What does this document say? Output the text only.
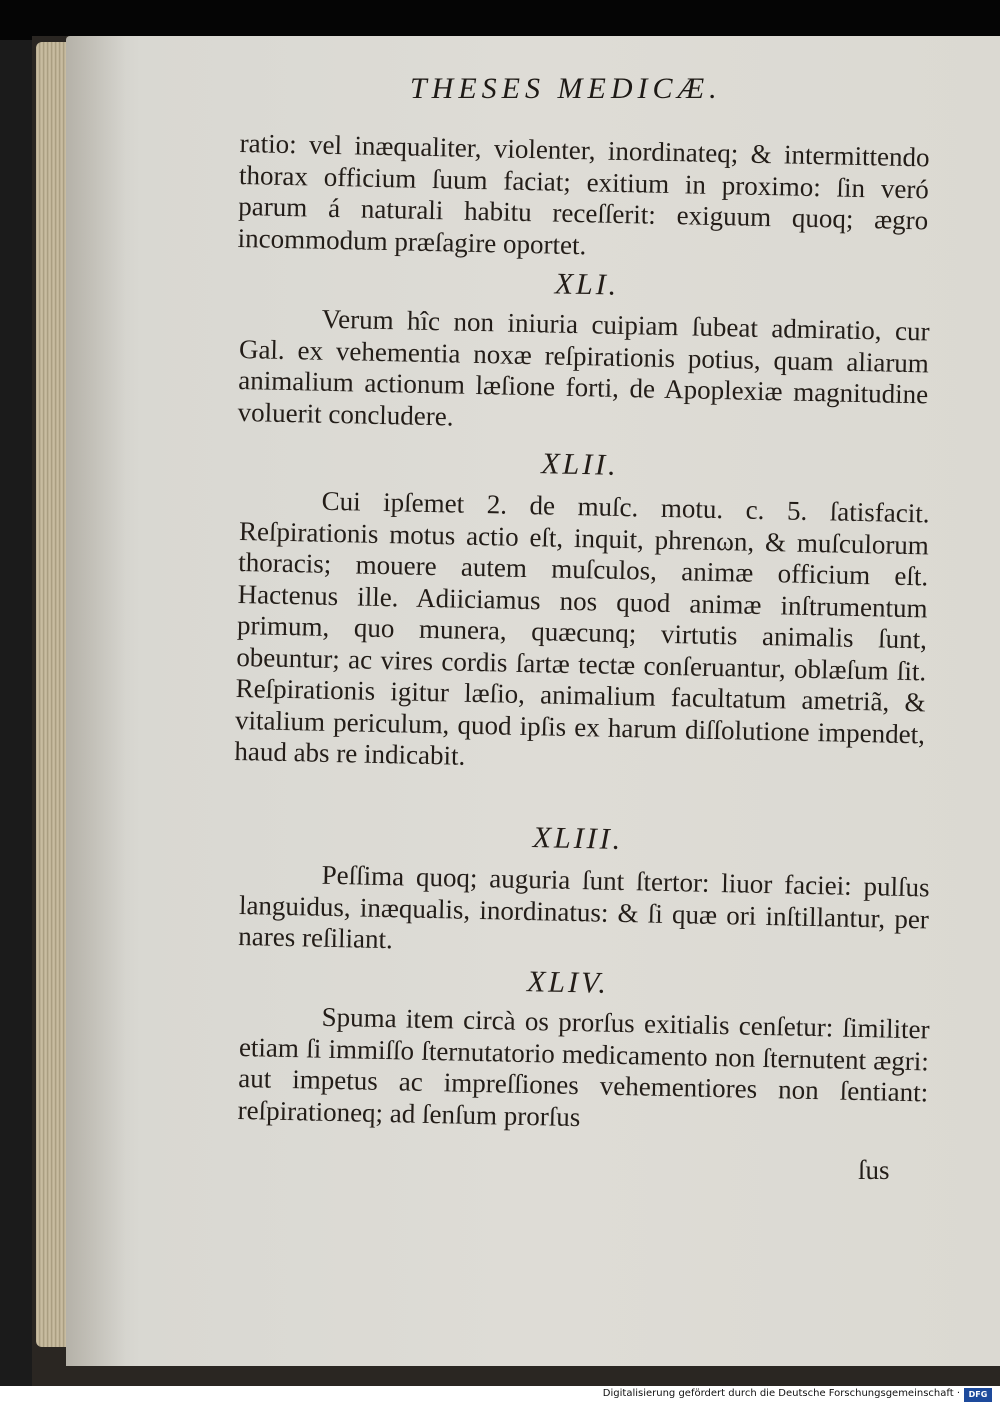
THESES MEDICÆ.

ratio: vel inæqualiter, violenter, inordinateq; & intermittendo thorax officium ſuum faciat; exitium in proximo: ſin veró parum á naturali habitu receſſerit: exiguum quoq; ægro incommodum præſagire oportet.

XLI.

Verum hîc non iniuria cuipiam ſubeat admiratio, cur Gal. ex vehementia noxæ reſpirationis potius, quam aliarum animalium actionum læſione forti, de Apoplexiæ magnitudine voluerit concludere.

XLII.

Cui ipſemet 2. de muſc. motu. c. 5. ſatisfacit. Reſpirationis motus actio eſt, inquit, phrenωn, & muſculorum thoracis; mouere autem muſculos, animæ officium eſt. Hactenus ille. Adiiciamus nos quod animæ inſtrumentum primum, quo munera, quæcunq; virtutis animalis ſunt, obeuntur; ac vires cordis ſartæ tectæ conſeruantur, oblæſum ſit. Reſpirationis igitur læſio, animalium facultatum ametriã, & vitalium periculum, quod ipſis ex harum diſſolutione impendet, haud abs re indicabit.

XLIII.

Peſſima quoq; auguria ſunt ſtertor: liuor faciei: pulſus languidus, inæqualis, inordinatus: & ſi quæ ori inſtillantur, per nares reſiliant.

XLIV.

Spuma item circà os prorſus exitialis cenſetur: ſimiliter etiam ſi immiſſo ſternutatorio medicamento non ſternutent ægri: aut impetus ac impreſſiones vehementiores non ſentiant: reſpirationeq; ad ſenſum prorſus

ſus
Digitalisierung gefördert durch die Deutsche Forschungsgemeinschaft ·	DFG
